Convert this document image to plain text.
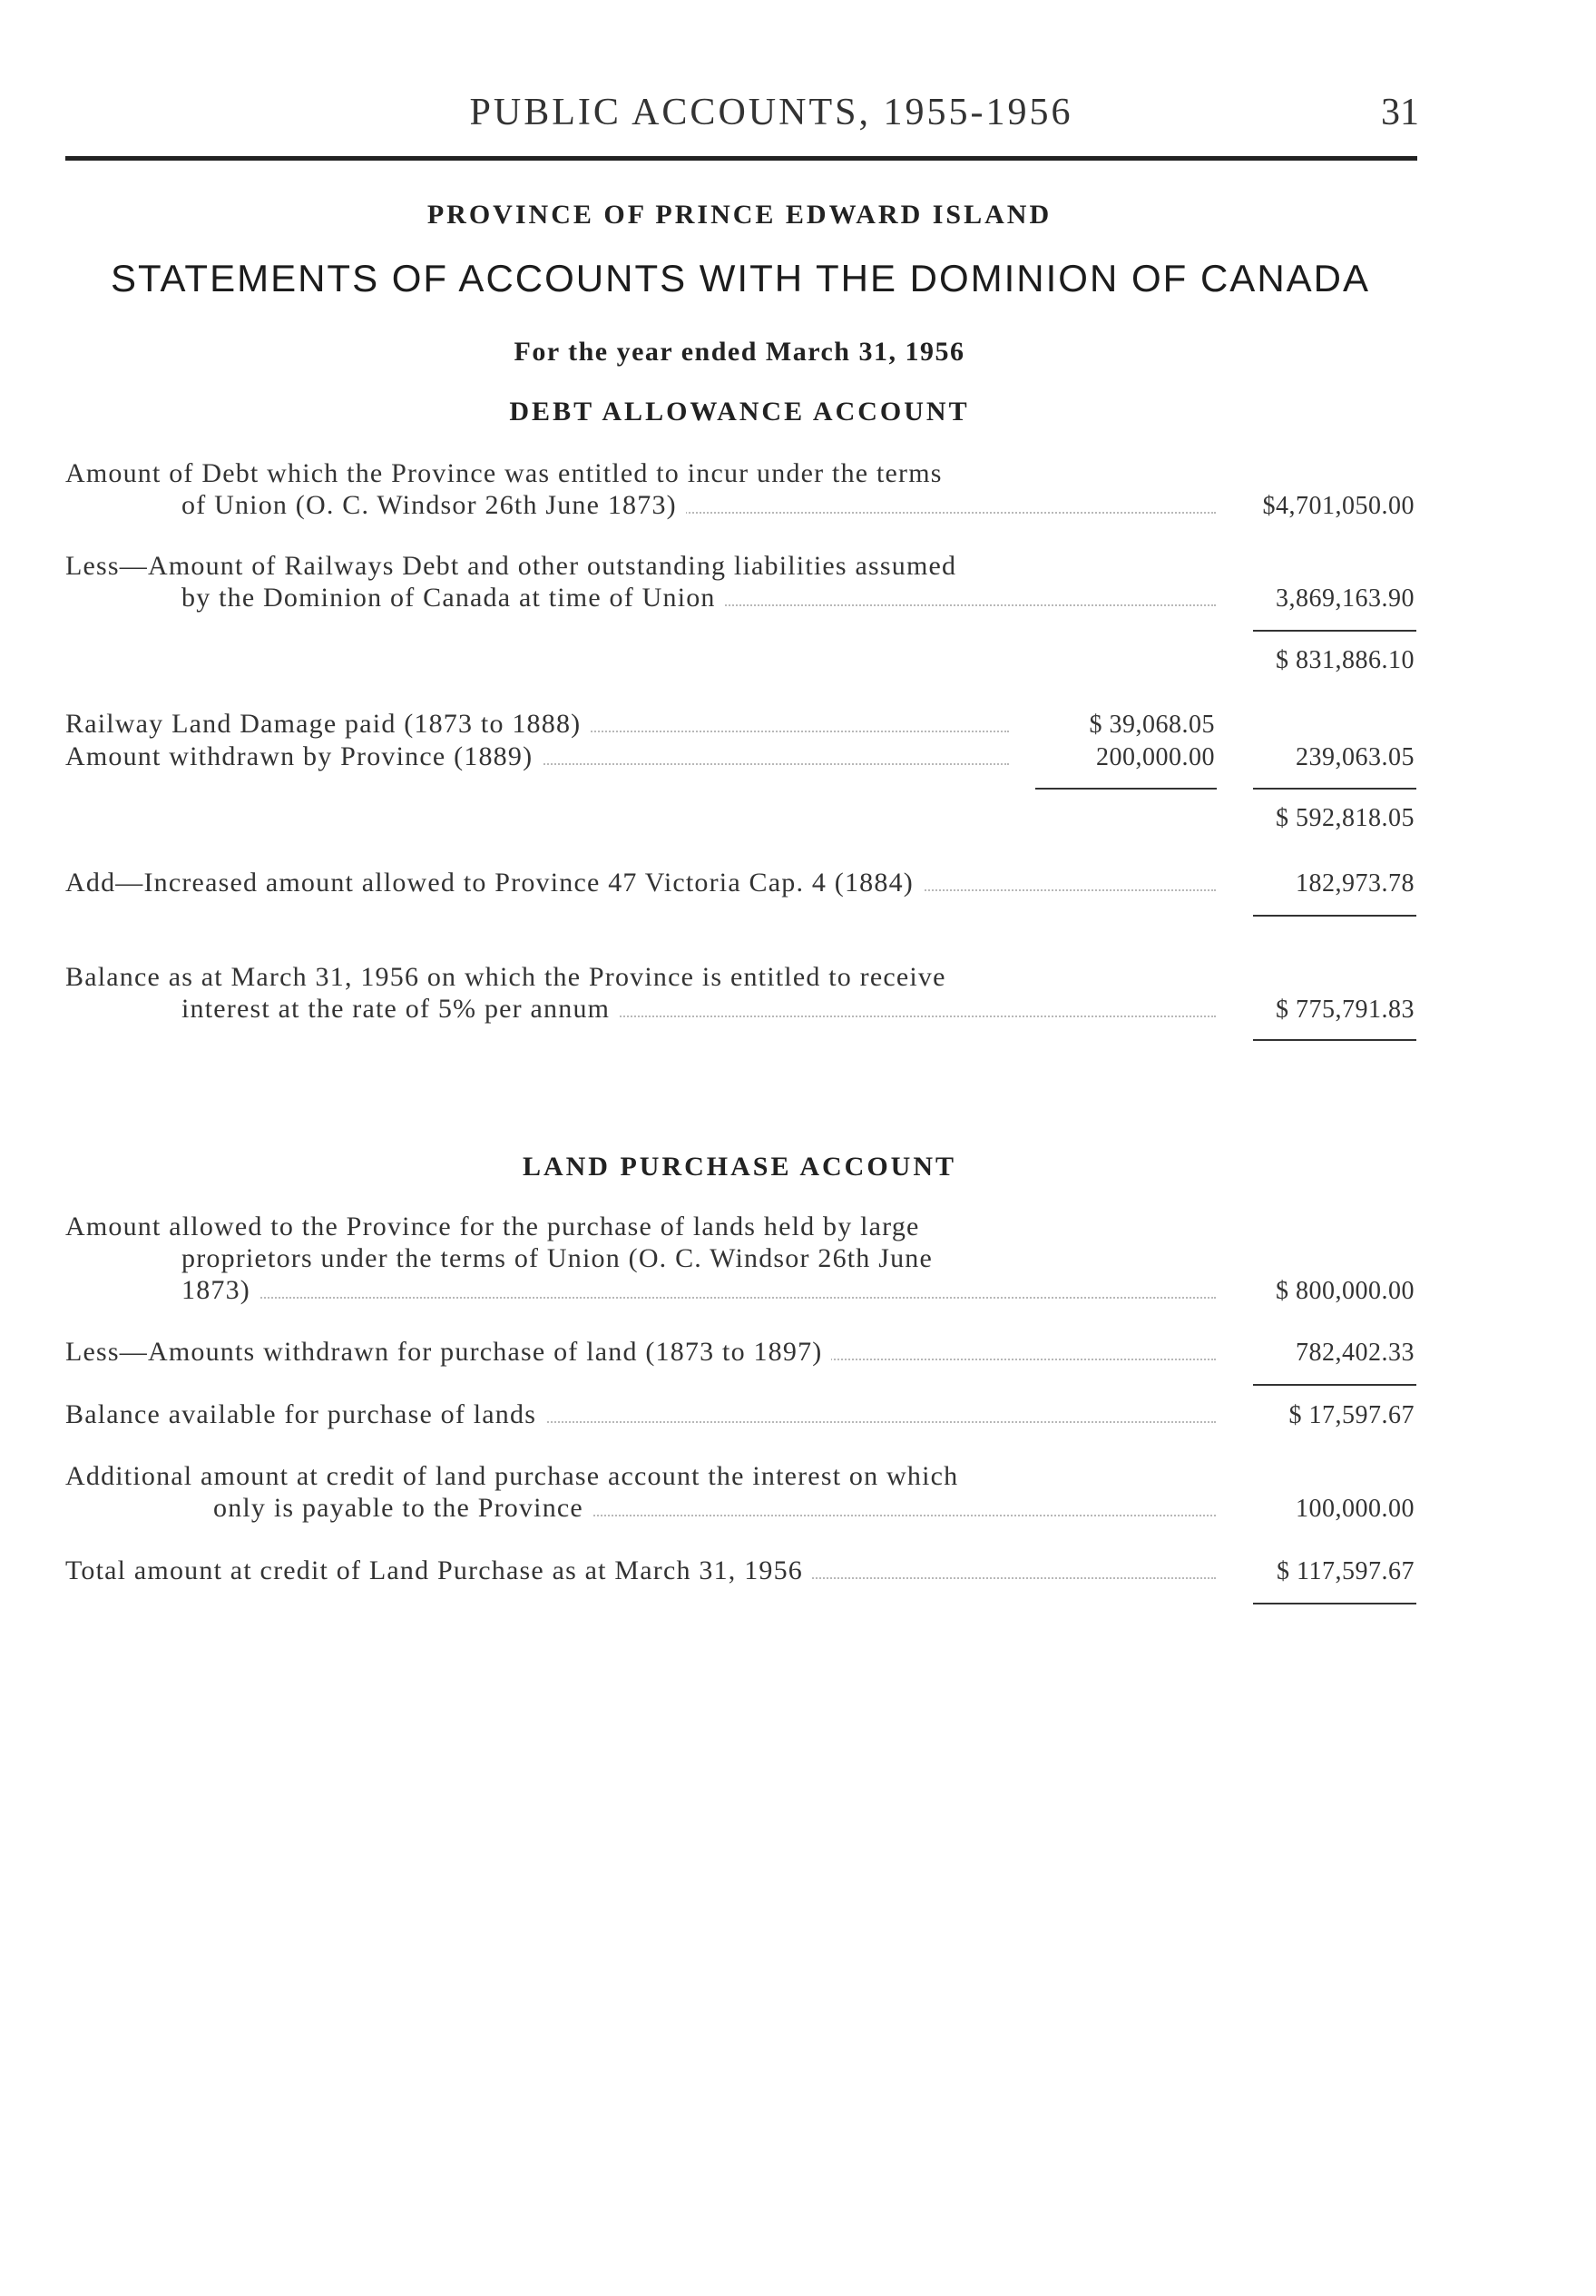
PUBLIC ACCOUNTS, 1955-1956	31
PROVINCE OF PRINCE EDWARD ISLAND
STATEMENTS OF ACCOUNTS WITH THE DOMINION OF CANADA
For the year ended March 31, 1956
DEBT ALLOWANCE ACCOUNT
Amount of Debt which the Province was entitled to incur under the terms
of Union (O. C. Windsor 26th June 1873)	$4,701,050.00
Less—Amount of Railways Debt and other outstanding liabilities assumed
by the Dominion of Canada at time of Union	3,869,163.90
$ 831,886.10
Railway Land Damage paid (1873 to 1888)	$ 39,068.05
Amount withdrawn by Province (1889)	200,000.00	239,063.05
$ 592,818.05
Add—Increased amount allowed to Province 47 Victoria Cap. 4 (1884)	182,973.78
Balance as at March 31, 1956 on which the Province is entitled to receive
interest at the rate of 5% per annum	$ 775,791.83
LAND PURCHASE ACCOUNT
Amount allowed to the Province for the purchase of lands held by large
proprietors under the terms of Union (O. C. Windsor 26th June
1873)	$ 800,000.00
Less—Amounts withdrawn for purchase of land (1873 to 1897)	782,402.33
Balance available for purchase of lands	$ 17,597.67
Additional amount at credit of land purchase account the interest on which
only is payable to the Province	100,000.00
Total amount at credit of Land Purchase as at March 31, 1956	$ 117,597.67
